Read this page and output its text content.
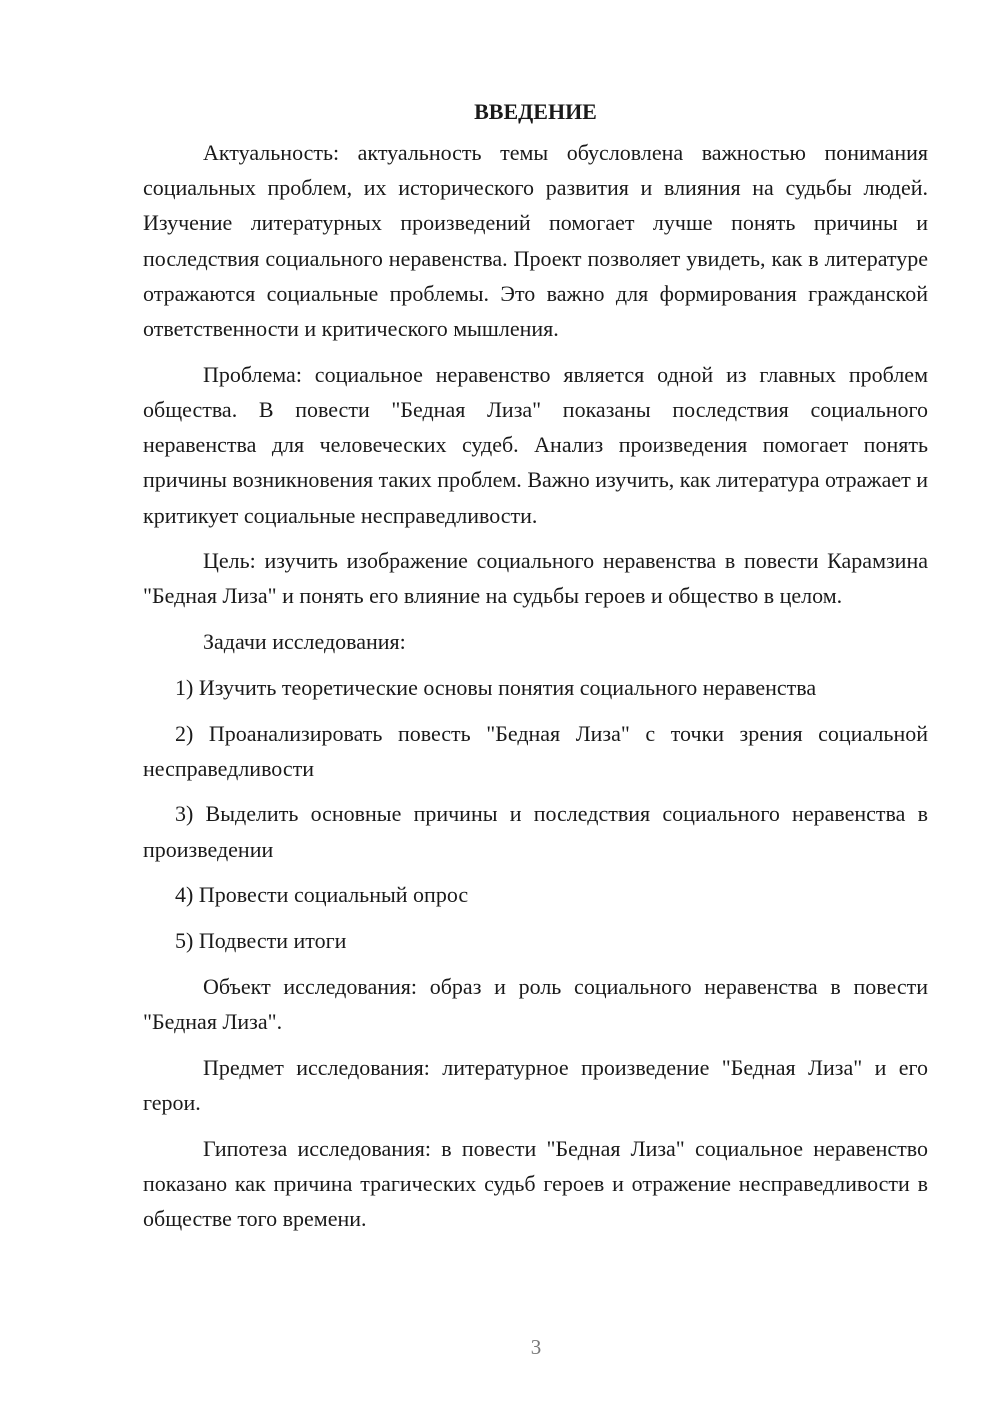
ВВЕДЕНИЕ

Актуальность: актуальность темы обусловлена важностью понимания социальных проблем, их исторического развития и влияния на судьбы людей. Изучение литературных произведений помогает лучше понять причины и последствия социального неравенства. Проект позволяет увидеть, как в литературе отражаются социальные проблемы. Это важно для формирования гражданской ответственности и критического мышления.

Проблема: социальное неравенство является одной из главных проблем общества. В повести "Бедная Лиза" показаны последствия социального неравенства для человеческих судеб. Анализ произведения помогает понять причины возникновения таких проблем. Важно изучить, как литература отражает и критикует социальные несправедливости.

Цель: изучить изображение социального неравенства в повести Карамзина "Бедная Лиза" и понять его влияние на судьбы героев и общество в целом.

Задачи исследования:

1) Изучить теоретические основы понятия социального неравенства

2) Проанализировать повесть "Бедная Лиза" с точки зрения социальной несправедливости

3) Выделить основные причины и последствия социального неравенства в произведении

4) Провести социальный опрос

5) Подвести итоги

Объект исследования: образ и роль социального неравенства в повести "Бедная Лиза".

Предмет исследования: литературное произведение "Бедная Лиза" и его герои.

Гипотеза исследования: в повести "Бедная Лиза" социальное неравенство показано как причина трагических судьб героев и отражение несправедливости в обществе того времени.

3
